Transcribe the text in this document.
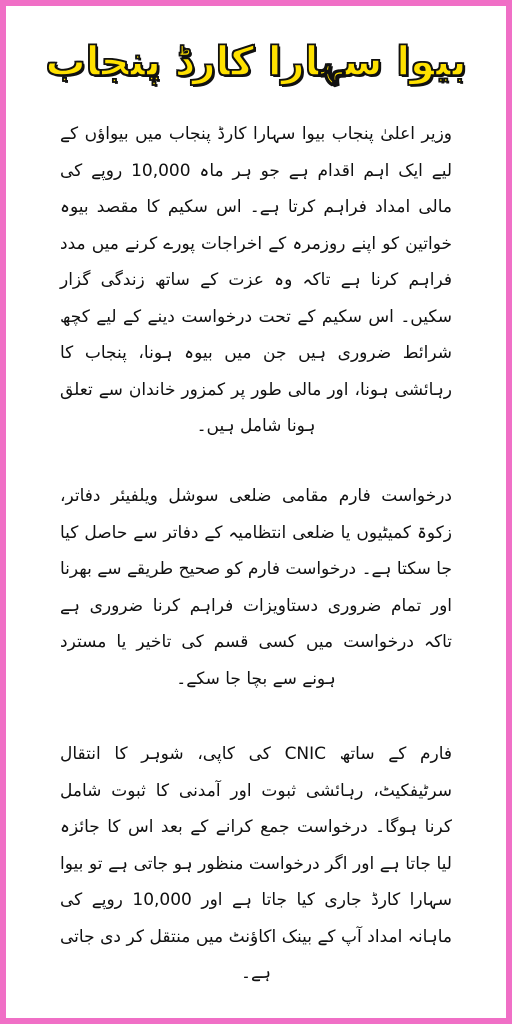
بیوا سہارا کارڈ پنجاب
وزیر اعلیٰ پنجاب بیوا سہارا کارڈ پنجاب میں بیواؤں کے لیے ایک اہم اقدام ہے جو ہر ماہ 10,000 روپے کی مالی امداد فراہم کرتا ہے۔ اس سکیم کا مقصد بیوہ خواتین کو اپنے روزمرہ کے اخراجات پورے کرنے میں مدد فراہم کرنا ہے تاکہ وہ عزت کے ساتھ زندگی گزار سکیں۔ اس سکیم کے تحت درخواست دینے کے لیے کچھ شرائط ضروری ہیں جن میں بیوہ ہونا، پنجاب کا رہائشی ہونا، اور مالی طور پر کمزور خاندان سے تعلق ہونا شامل ہیں۔
درخواست فارم مقامی ضلعی سوشل ویلفیئر دفاتر، زکوۃ کمیٹیوں یا ضلعی انتظامیہ کے دفاتر سے حاصل کیا جا سکتا ہے۔ درخواست فارم کو صحیح طریقے سے بھرنا اور تمام ضروری دستاویزات فراہم کرنا ضروری ہے تاکہ درخواست میں کسی قسم کی تاخیر یا مسترد ہونے سے بچا جا سکے۔
فارم کے ساتھ CNIC کی کاپی، شوہر کا انتقال سرٹیفکیٹ، رہائشی ثبوت اور آمدنی کا ثبوت شامل کرنا ہوگا۔ درخواست جمع کرانے کے بعد اس کا جائزہ لیا جاتا ہے اور اگر درخواست منظور ہو جاتی ہے تو بیوا سہارا کارڈ جاری کیا جاتا ہے اور 10,000 روپے کی ماہانہ امداد آپ کے بینک اکاؤنٹ میں منتقل کر دی جاتی ہے۔
